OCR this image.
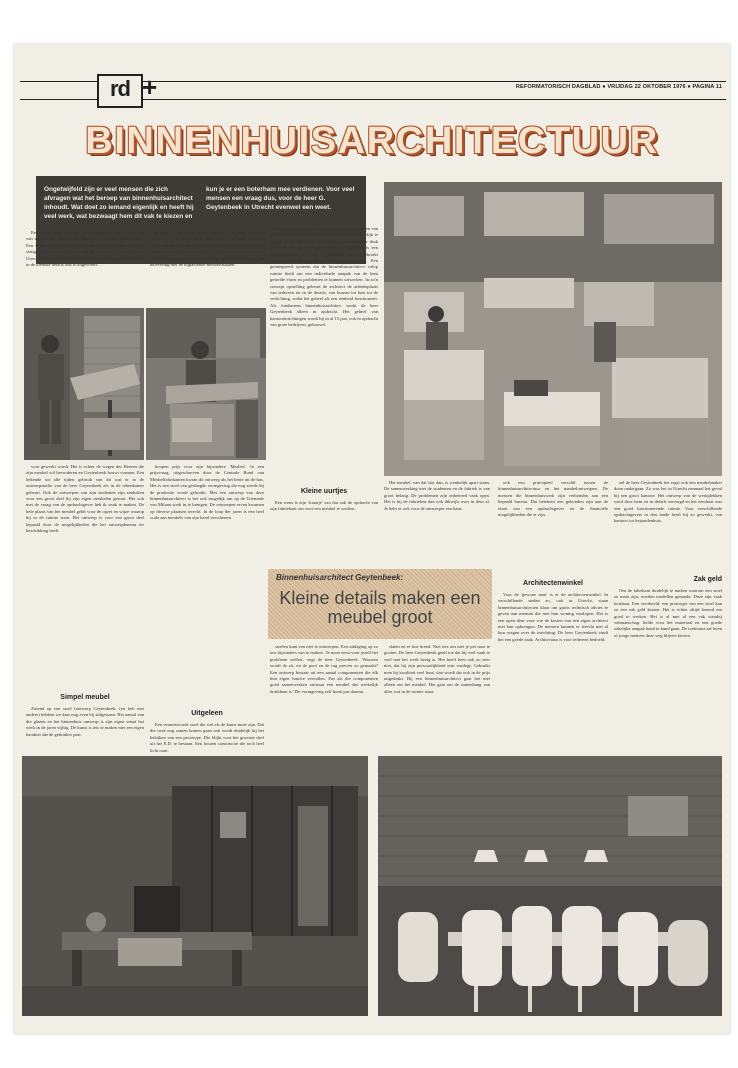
rd +	REFORMATORISCH DAGBLAD ● VRIJDAG 22 OKTOBER 1976 ● PAGINA 11
BINNENHUISARCHITECTUUR
Ongetwijfeld zijn er veel mensen die zich afvragen wat het beroep van binnenhuisarchitect inhoudt. Wat doet zo iemand eigenlijk en heeft hij veel werk, wat bezwaagt hem dit vak te kiezen en kun je er een boterham mee verdienen. Voor veel mensen een vraag dus, voor de heer G. Geytenbeek in Utrecht evenwel een weet.

Een antwoordop waar hij als binnenhuisarchitect bezit wel van spullen wil. Dat vanbie binnenhuis dat zich geen twijfel. Een vraag die zichzelf beantwoordt bij het betreden van zijn statige kantoor en werkplaats aan de Kromme Nieuwegracht in Utrecht. Een welverdiende overdracht, waar zijn werk vaak tot in de kleinste details ook is uitgevoerd.

praktisch functioneel verantwoord en wat goed verkocht wordt. De heer Geytenbeek moet het in zijn werk met zijn tijden ook de hele klant nu van de hand verkopen. Hij heeft een 'eigen' meubel vervaardigd, verantwoord ontworpen en vervaardigd aan zeer veel eigen opdrachtgevers en de belevering met de bijpassende meubelstukken.

uitgebreid staal dus. Verschillende modelen worden van geleendsmet beukenhout vervaardigd, een gemakkelijk te leggen model. Met zo'n allen wordt het hout onder druk gevormd, vooral in eigen werkplaats. MIMAS is een systeemmeubel (ontwerp Geytenbeek) dat nu gebruikt wordt voor de inrichting van kantoorruimten. Een geïntegreerd systeem dat de binnenhuisarchitect volop ruimte biedt om een individuele aanpak van de hem gestelde eisen en problemen te kunnen uitwerken. In zo'n concept opstelling gebeurt de architect de arbeidsplaats van iedereen tot in de details, van bureau tot kast tot de verlichting, zodat het geheel als een eenheid functioneert. Als fondsmens binnenhuisarchitect werkt de heer Geytenbeek alleen in opdracht. Het geheel van kantoorinrichtingen wordt hij in al 15 jaar, ook in opdracht van grote bedrijven, gebouwd.

voor gewerkt wordt. Het is echter de wegen des Heeren die zijn meubel wil bevorderen en Geytenbeek bouwt vormen. Een bekende uit alle tijden gebruik van dit wat er in de ontwerpstudio van de heer Geytenbeek als in de tekenkamer gebeurt. Ook de ontwerpen van zijn studenten zijn sindsdien voor een groot deel bij zijn eigen meubelen gestart. Het ook met de vraag van de opdrachtgever heb ik vaak te maken. De hele plaats van het meubel geldt voor de opzet en wijze waarop hij in de ruimte staat. Het ontwerp is voor een groot deel bepaald door de mogelijkheden die het ontwerpbureau ter beschikking heeft.

Simpel meubel

Zittend op een stoel (ontwerp Geytenbeek, fyn heb met andere) hebben we daar nog even bij stilgestaan. Het aantal van die glazen en het binnenhuis ontwerp is zijn eigen vanaf het werk in de jaren vijftig. De kunst is iets te maken met een eigen karakter dat de gebruiker past.

koopen prijs voor zijn bijzondere 'Marlies'. In een prijsvraag, uitgeschreven door de Centrale Bond van Meubelfabrikanten kwam dit ontwerp als het beste uit de bus. Het is een stoel van geslaagde vormgeving die nog steeds bij de productie wordt gebruikt. Met een ontwerp van deze binnenhuisarchitect is het ook mogelijk om op de Triennale van Milaan werk in te brengen. De ontwerpen ervan kwamen op diverse plaatsen terecht. In de loop der jaren is een heel scala aan meubels van zijn hand verschenen.

Uitgeleen

Een verantwoorde stoel die wel als de kunst moet zijn. Dat die twee nog samen komen gaan ook wordt duidelijk bij het bekijken van een prototype. Die blijkt voor het grootste deel uit het E.D. te bestaan. Een houten constructie die toch heel licht oogt.

Een wens is zijn 'straatje' van dat ook de opdracht van zijn fabriekant om voor een meubel te werken.

Kleine uurtjes
Binnenhuisarchitect Geytenbeek:
Kleine details maken een meubel groot

stoelen kunt een niet te ontwerpen. Een uitdaging op zo iets bijzonders van te maken. 'Je moet eerst voor jezelf het probleem stellen', zegt de heer Geytenbeek. 'Waarom wordt de zit, en de poot en de rug precies zo gemaakt? Een ontwerp bestaat uit een aantal componenten die elk hun eigen functie vervullen. Pas als die componenten goed samenwerken ontstaat een meubel dat werkelijk bruikbaar is.' De vormgeving zelf komt pas daarna.

Het meubel, van dat slot dan, is wenkelijk apart staan. De samenwerking met de studenten en de fabriek is van groot belang. De problemen zijn onbetreed vaak open. Het is bij de fabrieken dan ook dikwijls over in deur al. Je hebt er ook voor de ontwerper een kans.

slaten en er hoe breed. Niet iets om met je pet naar te gooien. De heer Geytenbeek geeft toe dat hij veel vaak te veel met het werk bezig is. Het hoeft hem ook zo zeer niet, dat hij zijn persoonlijkheid erin vastlegt. Gebruikt men bij kwaliteit veel hout, dan wordt dat ook in de prijs uitgedrukt. Bij een binnenhuisarchitect gaat het niet alleen om het meubel. Het gaat om de samenhang van alles wat in de ruimte staat.

ook een principieel verschil tussen de binnenhuisarchitectuur en het meubelontwerpen. De mensen die binnenhuiswerk zijn verbonden aan een bepaald bureau. Dat betekent een gebonden zijn aan de eisen van een opdrachtgever en de financiële mogelijkheden die er zijn.

Architectenwinkel

Voor de 'gewone man' is er de architectenwinkel. In verschillende steden zo, ook in Utrecht, staan binnenhuisarchitecten klaar om gratis technisch advies te geven aan mensen die met hun woning vastlopen. Het is een open deur voor wie de kosten van een eigen architect niet kan opbrengen. De mensen kunnen er terecht met al hun vragen over de inrichting. De heer Geytenbeek vindt het een goede zaak. Architectuur is voor iedereen bedoeld.

zal de heer Geytenbeek het ergst ook een meubelmaker doen ondergaan. Zo was het in Utrecht eenmaal het geval bij een groot kantoor. Het ontwerp van de werkplekken werd door hem tot in details verzorgd en het resultaat was een goed functionerende ruimte. Voor verschillende opdrachtgevers in den lande heeft hij zo gewerkt, van kantoor tot bejaardenhuis.

Zak geld

Om de fabrikant duidelijk te maken waarom een stoel zo moet zijn, worden modellen gemaakt. Deze zijn vaak kostbaar. Een voorbeeld: een prototype van een stoel kan zo een zak geld kosten. Het is echter altijd lonend om goed te werken. Het is al met al een vak waarbij vakmanschap, liefde voor het materiaal en een goede zakelijke aanpak hand in hand gaan. De toekomst zal leren of jonge mensen deze weg blijven kiezen.
